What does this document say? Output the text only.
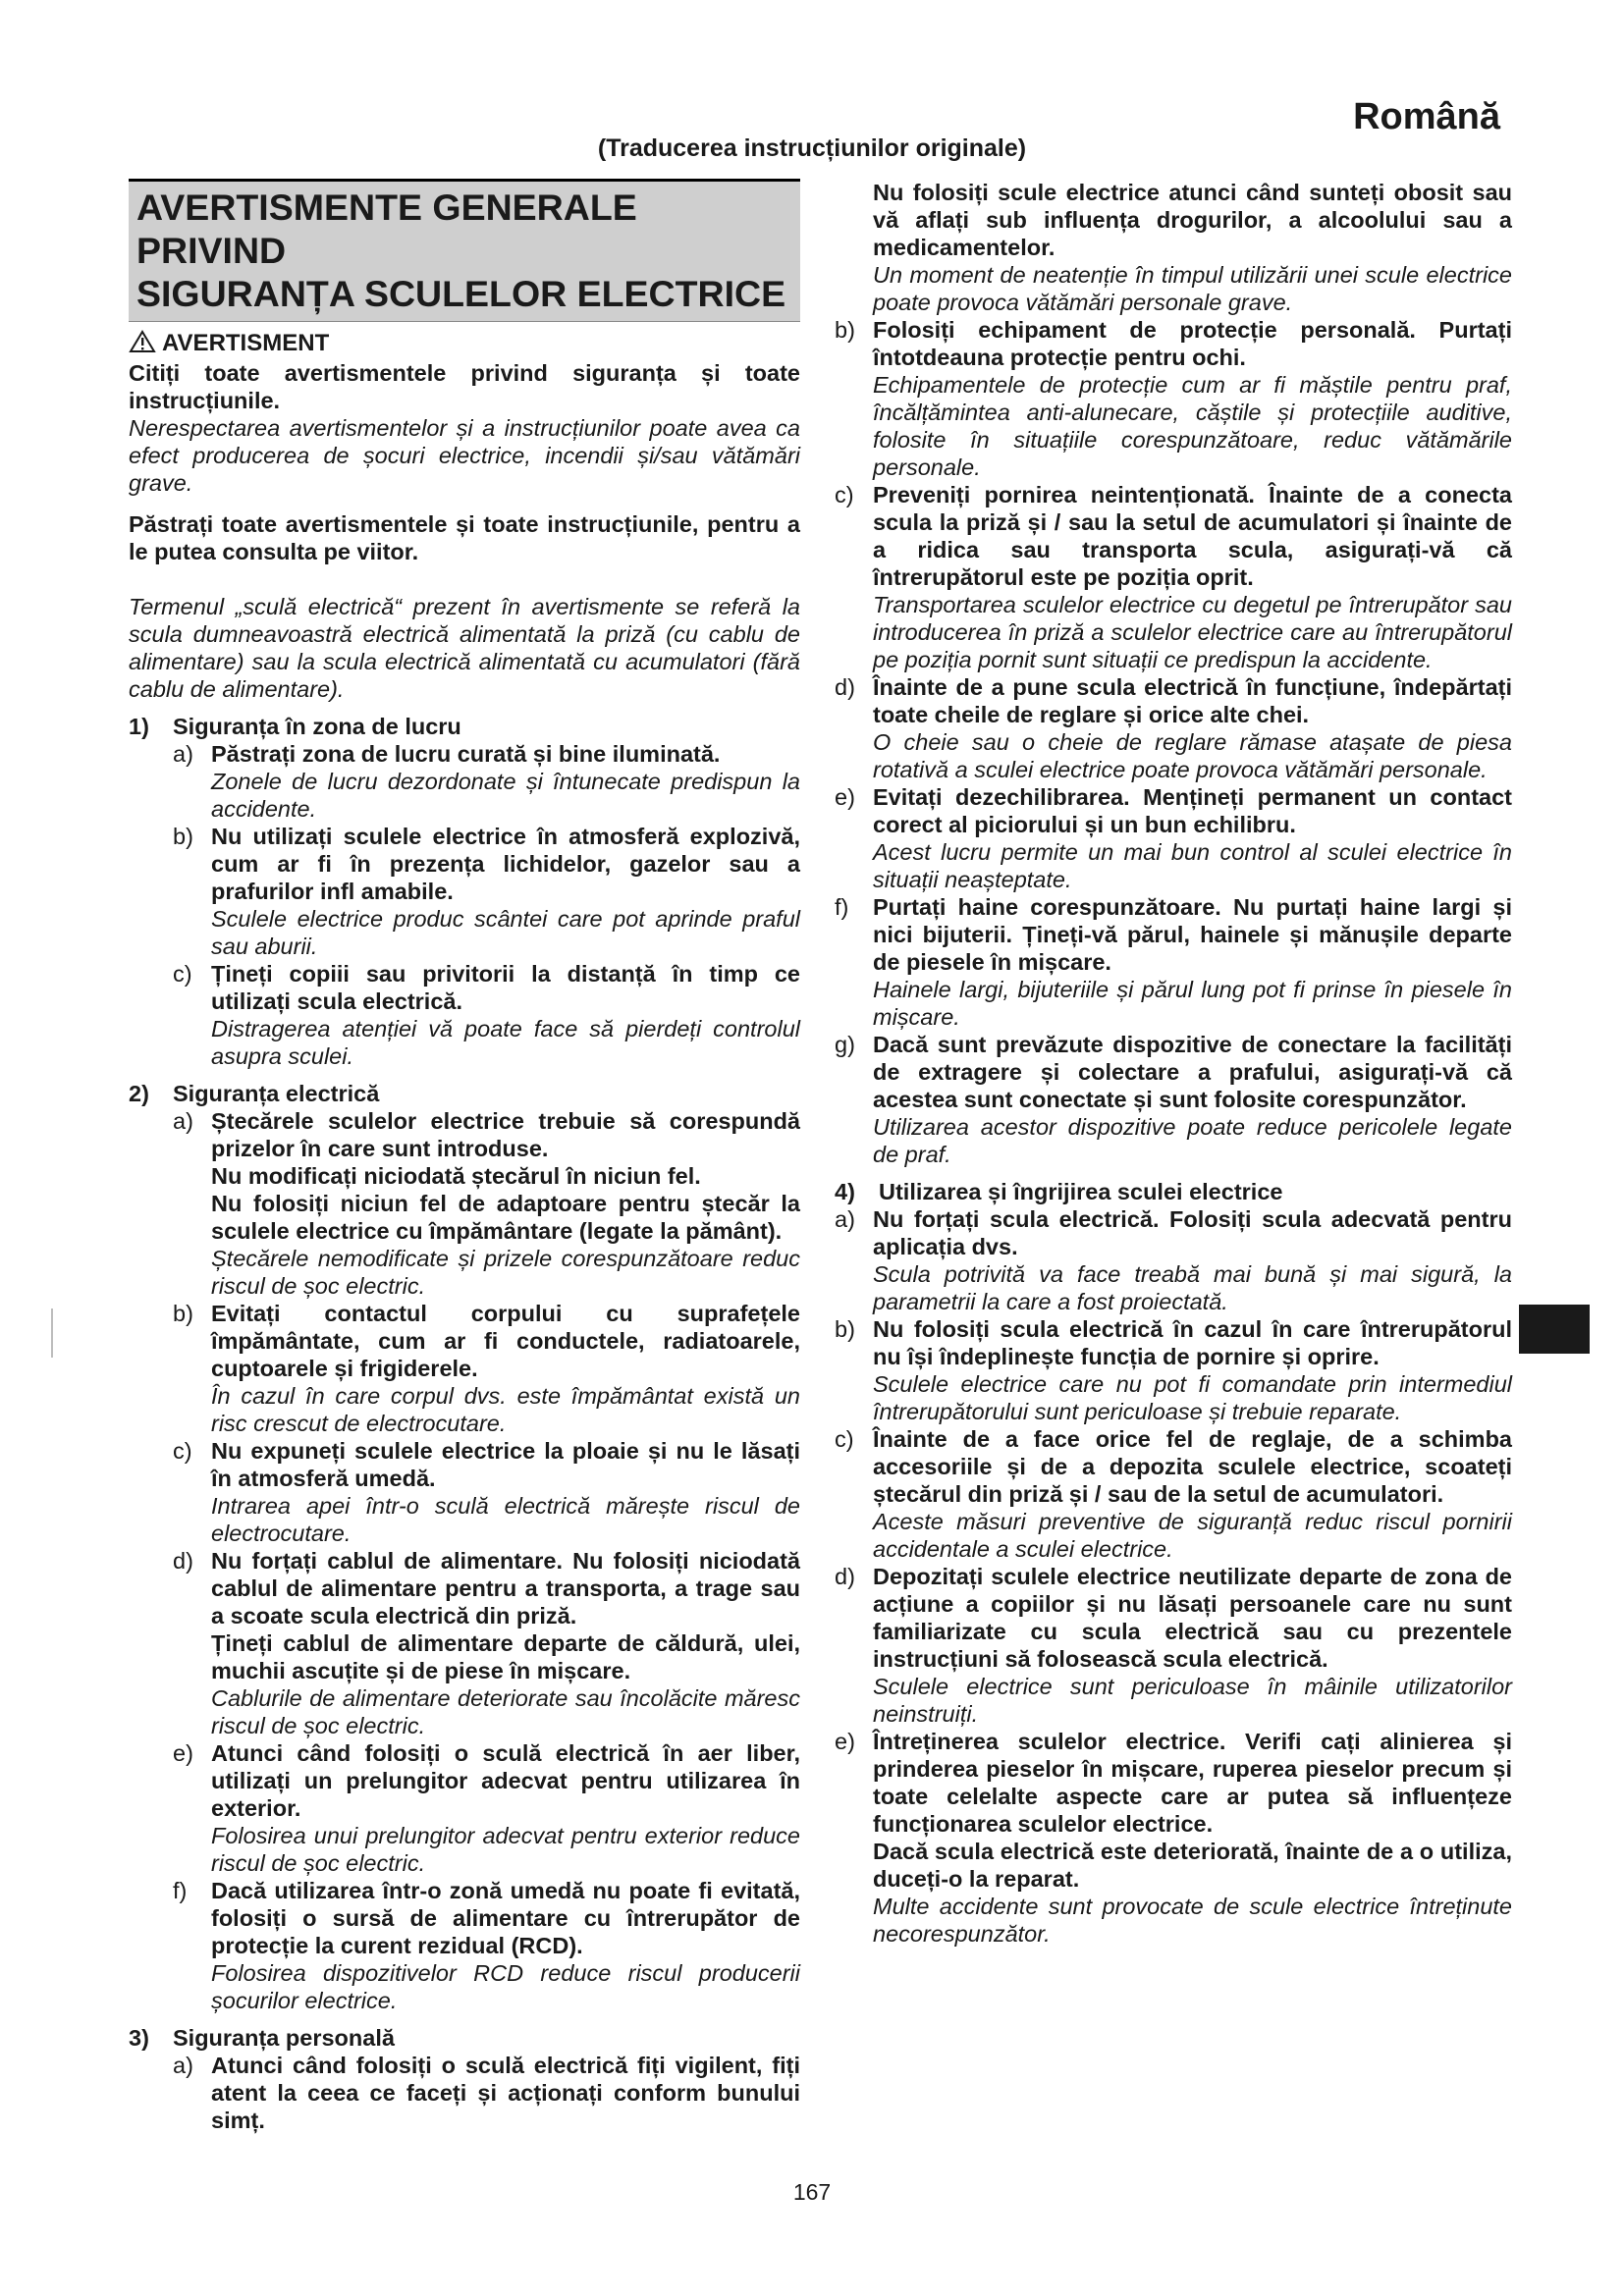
Română
(Traducerea instrucțiunilor originale)
AVERTISMENTE GENERALE PRIVIND
SIGURANȚA SCULELOR ELECTRICE
AVERTISMENT
Citiți toate avertismentele privind siguranța și toate instrucțiunile.
Nerespectarea avertismentelor și a instrucțiunilor poate avea ca efect producerea de șocuri electrice, incendii și/sau vătămări grave.
Păstrați toate avertismentele și toate instrucțiunile, pentru a le putea consulta pe viitor.
Termenul „sculă electrică“ prezent în avertismente se referă la scula dumneavoastră electrică alimentată la priză (cu cablu de alimentare) sau la scula electrică alimentată cu acumulatori (fără cablu de alimentare).
1)	Siguranța în zona de lucru
a) Păstrați zona de lucru curată și bine iluminată.
Zonele de lucru dezordonate și întunecate predispun la accidente.
b) Nu utilizați sculele electrice în atmosferă explozivă, cum ar fi în prezența lichidelor, gazelor sau a prafurilor infl amabile.
Sculele electrice produc scântei care pot aprinde praful sau aburii.
c) Țineți copiii sau privitorii la distanță în timp ce utilizați scula electrică.
Distragerea atenției vă poate face să pierdeți controlul asupra sculei.
2)	Siguranța electrică
a) Ștecărele sculelor electrice trebuie să corespundă prizelor în care sunt introduse.
Nu modificați niciodată ștecărul în niciun fel.
Nu folosiți niciun fel de adaptoare pentru ștecăr la sculele electrice cu împământare (legate la pământ).
Ștecărele nemodificate și prizele corespunzătoare reduc riscul de șoc electric.
b) Evitați contactul corpului cu suprafețele împământate, cum ar fi conductele, radiatoarele, cuptoarele și frigiderele.
În cazul în care corpul dvs. este împământat există un risc crescut de electrocutare.
c) Nu expuneți sculele electrice la ploaie și nu le lăsați în atmosferă umedă.
Intrarea apei într-o sculă electrică mărește riscul de electrocutare.
d) Nu forțați cablul de alimentare. Nu folosiți niciodată cablul de alimentare pentru a transporta, a trage sau a scoate scula electrică din priză.
Țineți cablul de alimentare departe de căldură, ulei, muchii ascuțite și de piese în mișcare.
Cablurile de alimentare deteriorate sau încolăcite măresc riscul de șoc electric.
e) Atunci când folosiți o sculă electrică în aer liber, utilizați un prelungitor adecvat pentru utilizarea în exterior.
Folosirea unui prelungitor adecvat pentru exterior reduce riscul de șoc electric.
f)	Dacă utilizarea într-o zonă umedă nu poate fi evitată, folosiți o sursă de alimentare cu întrerupător de protecție la curent rezidual (RCD).
Folosirea dispozitivelor RCD reduce riscul producerii șocurilor electrice.
3)	Siguranța personală
a) Atunci când folosiți o sculă electrică fiți vigilent, fiți atent la ceea ce faceți și acționați conform bunului simț.
Nu folosiți scule electrice atunci când sunteți obosit sau vă aflați sub influența drogurilor, a alcoolului sau a medicamentelor.
Un moment de neatenție în timpul utilizării unei scule electrice poate provoca vătămări personale grave.
b) Folosiți echipament de protecție personală. Purtați întotdeauna protecție pentru ochi.
Echipamentele de protecție cum ar fi măștile pentru praf, încălțămintea anti-alunecare, căștile și protecțiile auditive, folosite în situațiile corespunzătoare, reduc vătămările personale.
c) Preveniți pornirea neintenționată. Înainte de a conecta scula la priză și / sau la setul de acumulatori și înainte de a ridica sau transporta scula, asigurați-vă că întrerupătorul este pe poziția oprit.
Transportarea sculelor electrice cu degetul pe întrerupător sau introducerea în priză a sculelor electrice care au întrerupătorul pe poziția pornit sunt situații ce predispun la accidente.
d) Înainte de a pune scula electrică în funcțiune, îndepărtați toate cheile de reglare și orice alte chei.
O cheie sau o cheie de reglare rămase atașate de piesa rotativă a sculei electrice poate provoca vătămări personale.
e) Evitați dezechilibrarea. Mențineți permanent un contact corect al piciorului și un bun echilibru.
Acest lucru permite un mai bun control al sculei electrice în situații neașteptate.
f)	Purtați haine corespunzătoare. Nu purtați haine largi și nici bijuterii. Țineți-vă părul, hainele și mănușile departe de piesele în mișcare.
Hainele largi, bijuteriile și părul lung pot fi prinse în piesele în mișcare.
g) Dacă sunt prevăzute dispozitive de conectare la facilități de extragere și colectare a prafului, asigurați-vă că acestea sunt conectate și sunt folosite corespunzător.
Utilizarea acestor dispozitive poate reduce pericolele legate de praf.
4)	Utilizarea și îngrijirea sculei electrice
a) Nu forțați scula electrică. Folosiți scula adecvată pentru aplicația dvs.
Scula potrivită va face treabă mai bună și mai sigură, la parametrii la care a fost proiectată.
b) Nu folosiți scula electrică în cazul în care întrerupătorul nu își îndeplinește funcția de pornire și oprire.
Sculele electrice care nu pot fi comandate prin intermediul întrerupătorului sunt periculoase și trebuie reparate.
c) Înainte de a face orice fel de reglaje, de a schimba accesoriile și de a depozita sculele electrice, scoateți ștecărul din priză și / sau de la setul de acumulatori.
Aceste măsuri preventive de siguranță reduc riscul pornirii accidentale a sculei electrice.
d) Depozitați sculele electrice neutilizate departe de zona de acțiune a copiilor și nu lăsați persoanele care nu sunt familiarizate cu scula electrică sau cu prezentele instrucțiuni să folosească scula electrică.
Sculele electrice sunt periculoase în mâinile utilizatorilor neinstruiți.
e) Întreținerea sculelor electrice. Verifi cați alinierea și prinderea pieselor în mișcare, ruperea pieselor precum și toate celelalte aspecte care ar putea să influențeze funcționarea sculelor electrice.
Dacă scula electrică este deteriorată, înainte de a o utiliza, duceți-o la reparat.
Multe accidente sunt provocate de scule electrice întreținute necorespunzător.
167
